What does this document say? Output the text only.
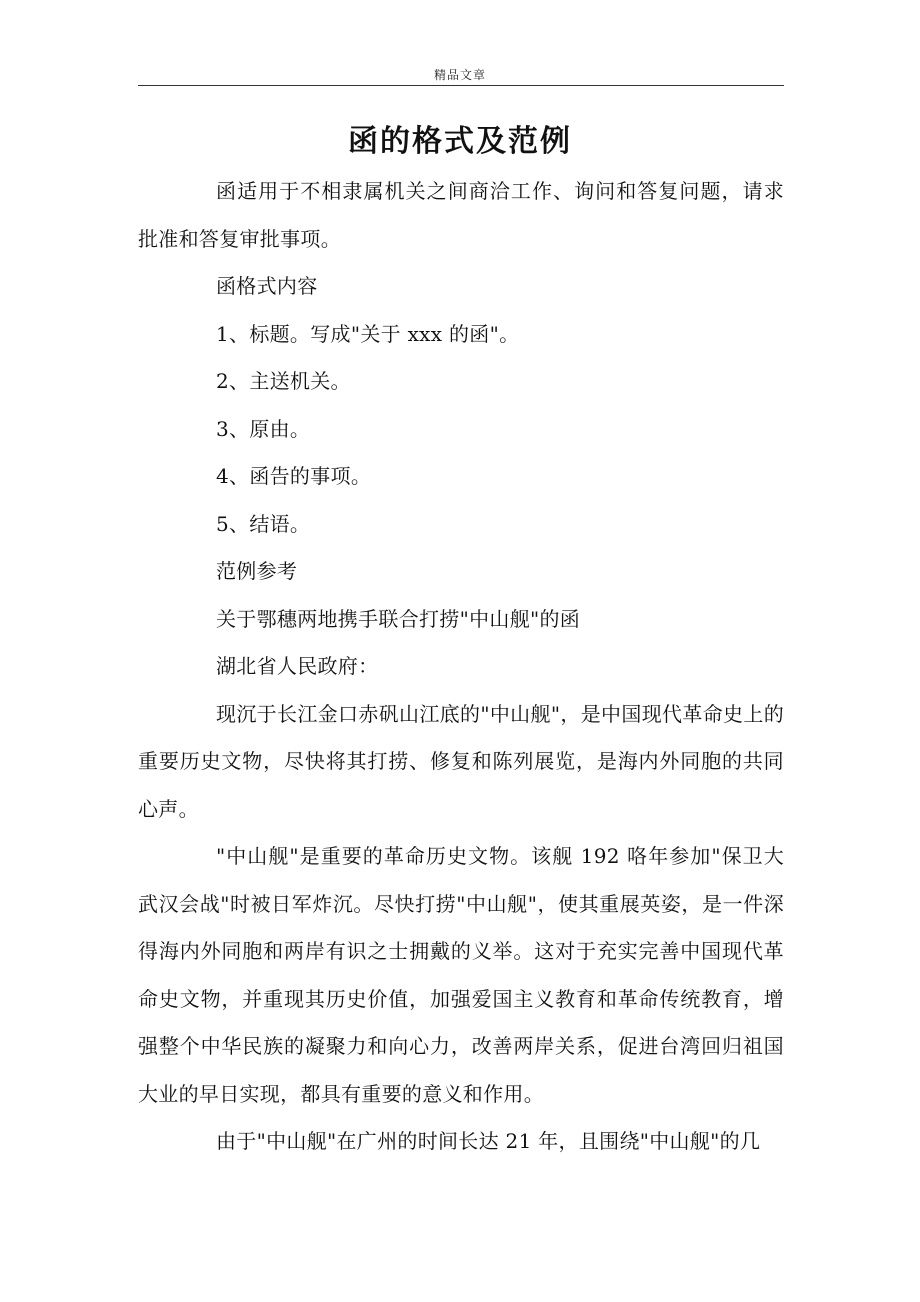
精品文章
函的格式及范例

函适用于不相隶属机关之间商洽工作、询问和答复问题，请求批准和答复审批事项。

函格式内容

1、标题。写成"关于 xxx 的函"。

2、主送机关。

3、原由。

4、函告的事项。

5、结语。

范例参考

关于鄂穗两地携手联合打捞"中山舰"的函

湖北省人民政府：

现沉于长江金口赤矾山江底的"中山舰"，是中国现代革命史上的重要历史文物，尽快将其打捞、修复和陈列展览，是海内外同胞的共同心声。

"中山舰"是重要的革命历史文物。该舰 192 咯年参加"保卫大武汉会战"时被日军炸沉。尽快打捞"中山舰"，使其重展英姿，是一件深得海内外同胞和两岸有识之士拥戴的义举。这对于充实完善中国现代革命史文物，并重现其历史价值，加强爱国主义教育和革命传统教育，增强整个中华民族的凝聚力和向心力，改善两岸关系，促进台湾回归祖国大业的早日实现，都具有重要的意义和作用。

由于"中山舰"在广州的时间长达 21 年，且围绕"中山舰"的几
